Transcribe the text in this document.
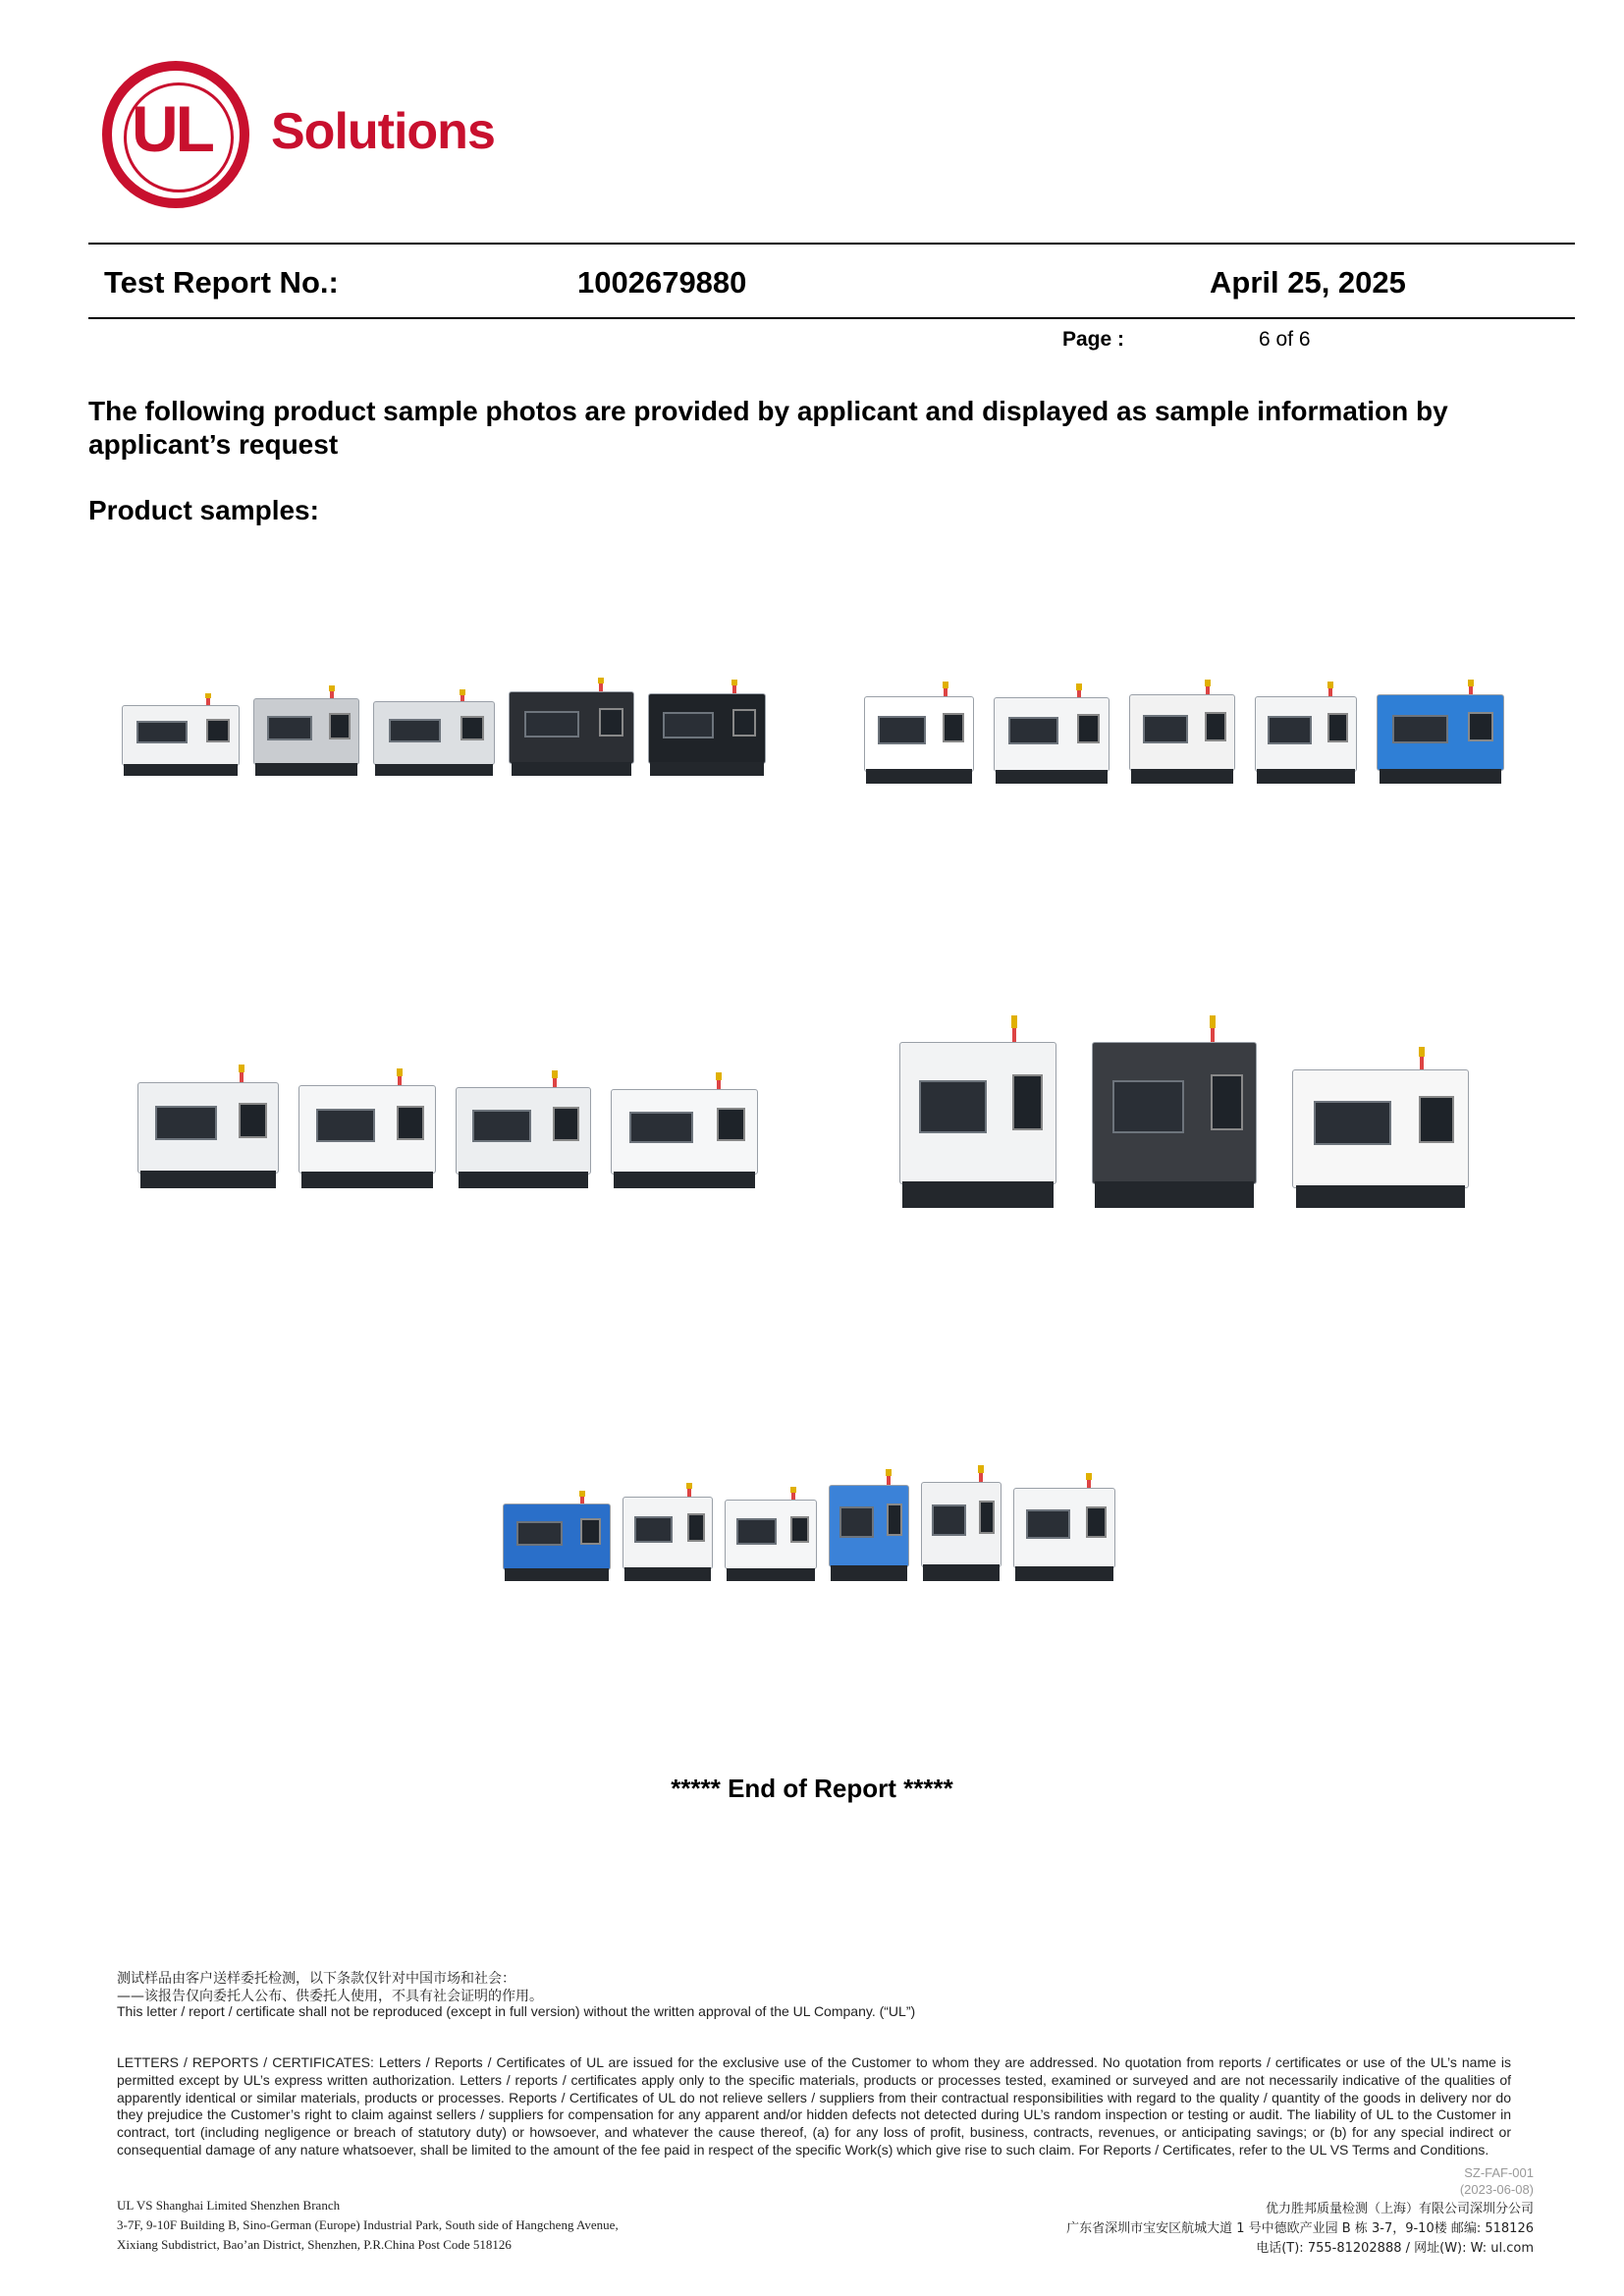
UL Solutions
Test Report No.:	1002679880	April 25, 2025
Page :	6 of 6
The following product sample photos are provided by applicant and displayed as sample information by applicant’s request
Product samples:
***** End of Report *****
测试样品由客户送样委托检测，以下条款仅针对中国市场和社会：
——该报告仅向委托人公布、供委托人使用，不具有社会证明的作用。
This letter / report / certificate shall not be reproduced (except in full version) without the written approval of the UL Company. (“UL”)
LETTERS / REPORTS / CERTIFICATES: Letters / Reports / Certificates of UL are issued for the exclusive use of the Customer to whom they are addressed. No quotation from reports / certificates or use of the UL’s name is permitted except by UL’s express written authorization. Letters / reports / certificates apply only to the specific materials, products or processes tested, examined or surveyed and are not necessarily indicative of the qualities of apparently identical or similar materials, products or processes. Reports / Certificates of UL do not relieve sellers / suppliers from their contractual responsibilities with regard to the quality / quantity of the goods in delivery nor do they prejudice the Customer’s right to claim against sellers / suppliers for compensation for any apparent and/or hidden defects not detected during UL’s random inspection or testing or audit. The liability of UL to the Customer in contract, tort (including negligence or breach of statutory duty) or howsoever, and whatever the cause thereof, (a) for any loss of profit, business, contracts, revenues, or anticipating savings; or (b) for any special indirect or consequential damage of any nature whatsoever, shall be limited to the amount of the fee paid in respect of the specific Work(s) which give rise to such claim. For Reports / Certificates, refer to the UL VS Terms and Conditions.
SZ-FAF-001 (2023-06-08)
UL VS Shanghai Limited Shenzhen Branch
3-7F, 9-10F Building B, Sino-German (Europe) Industrial Park, South side of Hangcheng Avenue,
Xixiang Subdistrict, Bao’an District, Shenzhen, P.R.China Post Code 518126
优力胜邦质量检测（上海）有限公司深圳分公司
广东省深圳市宝安区航城大道 1 号中德欧产业园 B 栋 3-7，9-10楼 邮编: 518126
电话(T): 755-81202888 / 网址(W): W: ul.com
